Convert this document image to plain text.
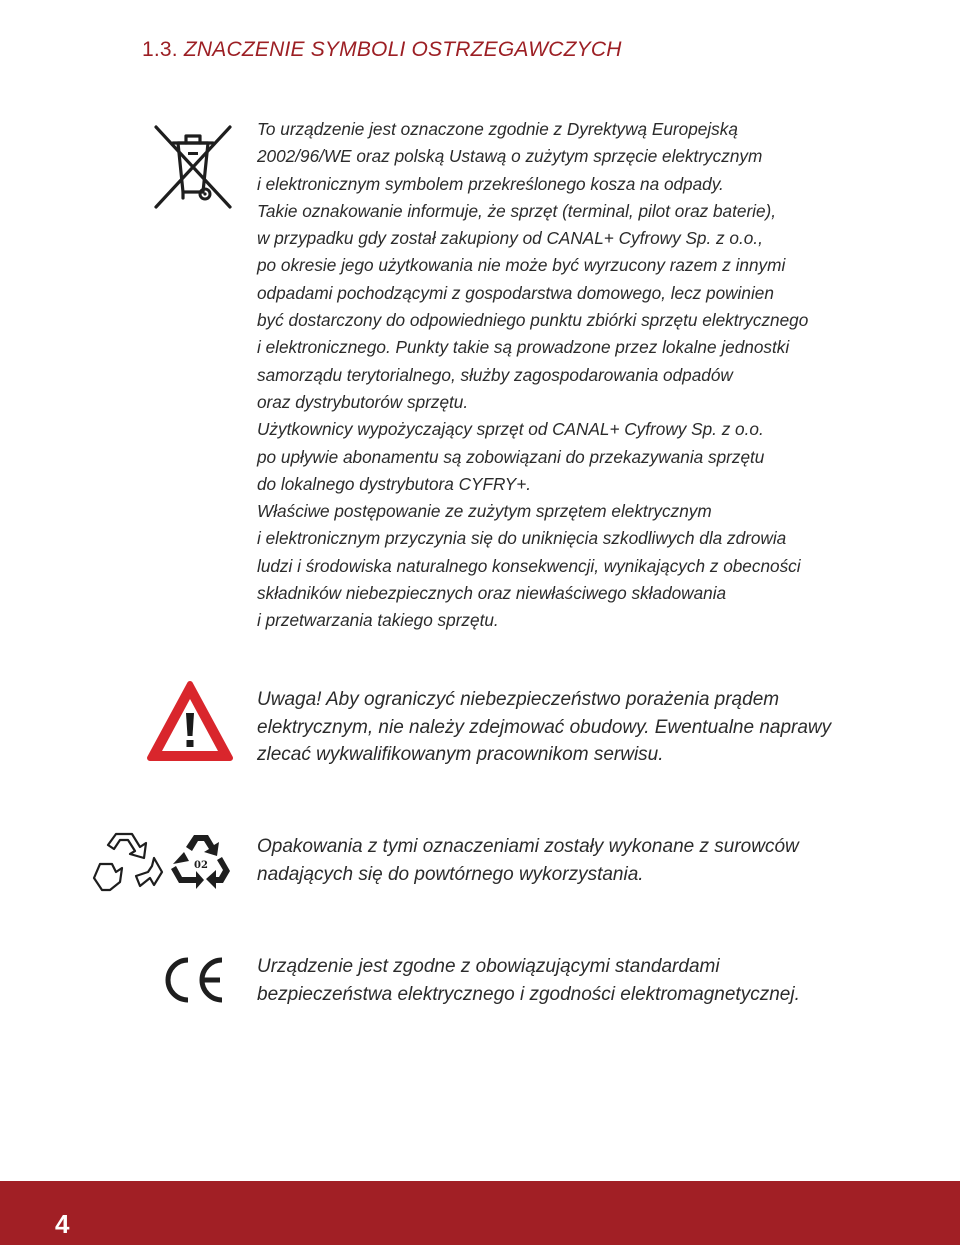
1.3. ZNACZENIE SYMBOLI OSTRZEGAWCZYCH
To urządzenie jest oznaczone zgodnie z Dyrektywą Europejską
2002/96/WE oraz polską Ustawą o zużytym sprzęcie elektrycznym
i elektronicznym symbolem przekreślonego kosza na odpady.
Takie oznakowanie informuje, że sprzęt (terminal, pilot oraz baterie),
w przypadku gdy został zakupiony od CANAL+ Cyfrowy Sp. z o.o.,
po okresie jego użytkowania nie może być wyrzucony razem z innymi
odpadami pochodzącymi z gospodarstwa domowego, lecz powinien
być dostarczony do odpowiedniego punktu zbiórki sprzętu elektrycznego
i elektronicznego. Punkty takie są prowadzone przez lokalne jednostki
samorządu terytorialnego, służby zagospodarowania odpadów
oraz dystrybutorów sprzętu.
Użytkownicy wypożyczający sprzęt od CANAL+ Cyfrowy Sp. z o.o.
po upływie abonamentu są zobowiązani do przekazywania sprzętu
do lokalnego dystrybutora CYFRY+.
Właściwe postępowanie ze zużytym sprzętem elektrycznym
i elektronicznym przyczynia się do uniknięcia szkodliwych dla zdrowia
ludzi i środowiska naturalnego konsekwencji, wynikających z obecności
składników niebezpiecznych oraz niewłaściwego składowania
i przetwarzania takiego sprzętu.
Uwaga! Aby ograniczyć niebezpieczeństwo porażenia prądem
elektrycznym, nie należy zdejmować obudowy. Ewentualne naprawy
zlecać wykwalifikowanym pracownikom serwisu.
02
Opakowania z tymi oznaczeniami zostały wykonane z surowców
nadających się do powtórnego wykorzystania.
Urządzenie jest zgodne z obowiązującymi standardami
bezpieczeństwa elektrycznego i zgodności elektromagnetycznej.
4
